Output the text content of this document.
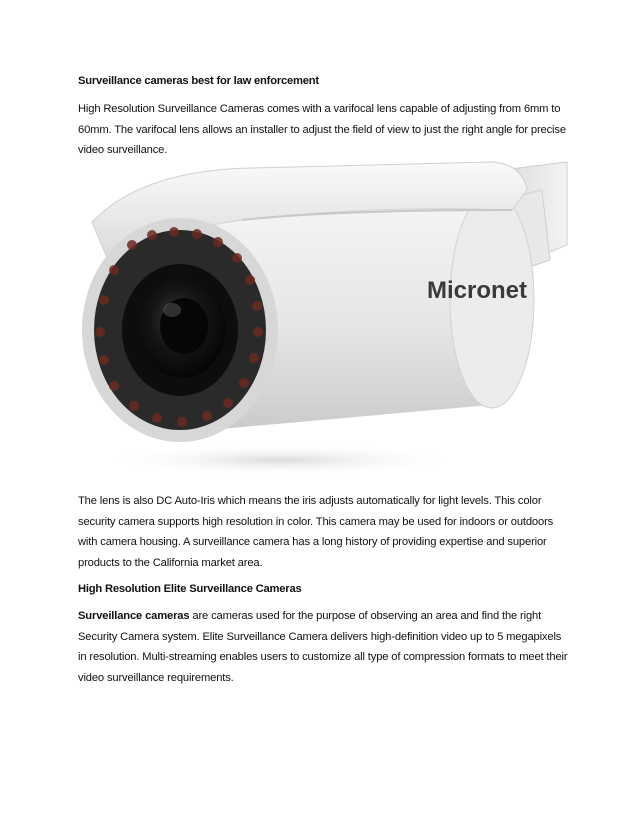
Surveillance cameras best for law enforcement
High Resolution Surveillance Cameras comes with a varifocal lens capable of adjusting from 6mm to 60mm. The varifocal lens allows an installer to adjust the field of view to just the right angle for precise video surveillance.
Micronet
The lens is also DC Auto-Iris which means the iris adjusts automatically for light levels. This color security camera supports high resolution in color. This camera may be used for indoors or outdoors with camera housing. A surveillance camera has a long history of providing expertise and superior products to the California market area.
High Resolution Elite Surveillance Cameras
Surveillance cameras are cameras used for the purpose of observing an area and find the right Security Camera system. Elite Surveillance Camera delivers high-definition video up to 5 megapixels in resolution. Multi-streaming enables users to customize all type of compression formats to meet their video surveillance requirements.
